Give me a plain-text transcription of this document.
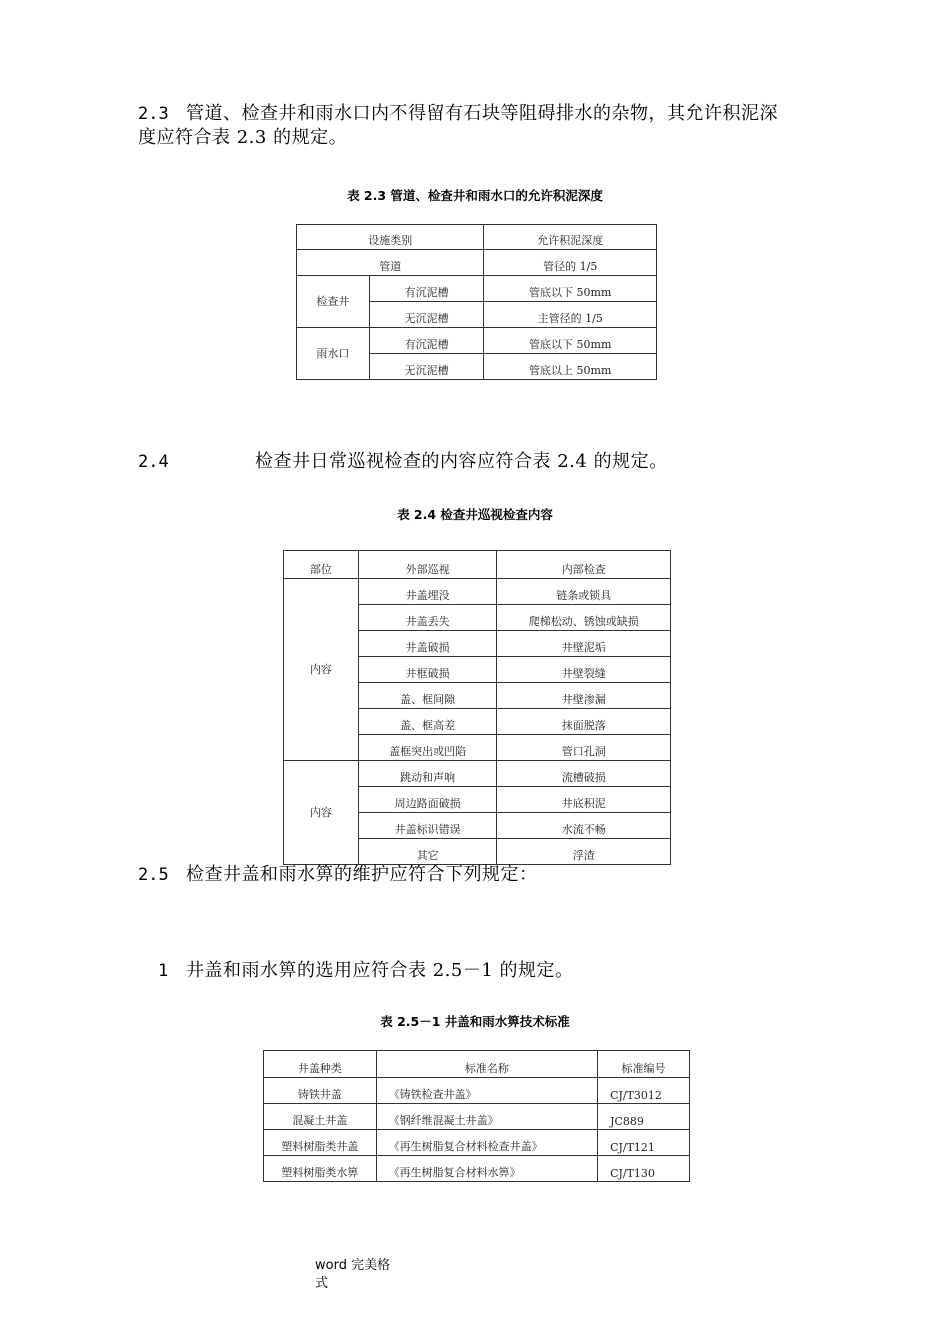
2.3 管道、检查井和雨水口内不得留有石块等阻碍排水的杂物，其允许积泥深
度应符合表 2.3 的规定。
表 2.3 管道、检查井和雨水口的允许积泥深度
设施类别		允许积泥深度
管道		管径的 1/5
检查井	有沉泥槽	管底以下 50mm
	无沉泥槽	主管径的 1/5
雨水口	有沉泥槽	管底以下 50mm
	无沉泥槽	管底以上 50mm
2.4	检查井日常巡视检查的内容应符合表 2.4 的规定。
表 2.4 检查井巡视检查内容
部位	外部巡视	内部检查
内容	井盖埋没	链条或锁具
	井盖丢失	爬梯松动、锈蚀或缺损
	井盖破损	井壁泥垢
	井框破损	井壁裂缝
	盖、框间隙	井壁渗漏
	盖、框高差	抹面脱落
	盖框突出或凹陷	管口孔洞
内容	跳动和声响	流槽破损
	周边路面破损	井底积泥
	井盖标识错误	水流不畅
	其它	浮渣
2.5 检查井盖和雨水箅的维护应符合下列规定：
1 井盖和雨水箅的选用应符合表 2.5－1 的规定。
表 2.5－1 井盖和雨水箅技术标准
井盖种类	标准名称	标准编号
铸铁井盖	《铸铁检查井盖》	CJ/T3012
混凝土井盖	《钢纤维混凝土井盖》	JC889
塑料树脂类井盖	《再生树脂复合材料检查井盖》	CJ/T121
塑料树脂类水箅	《再生树脂复合材料水箅》	CJ/T130
word 完美格
式
